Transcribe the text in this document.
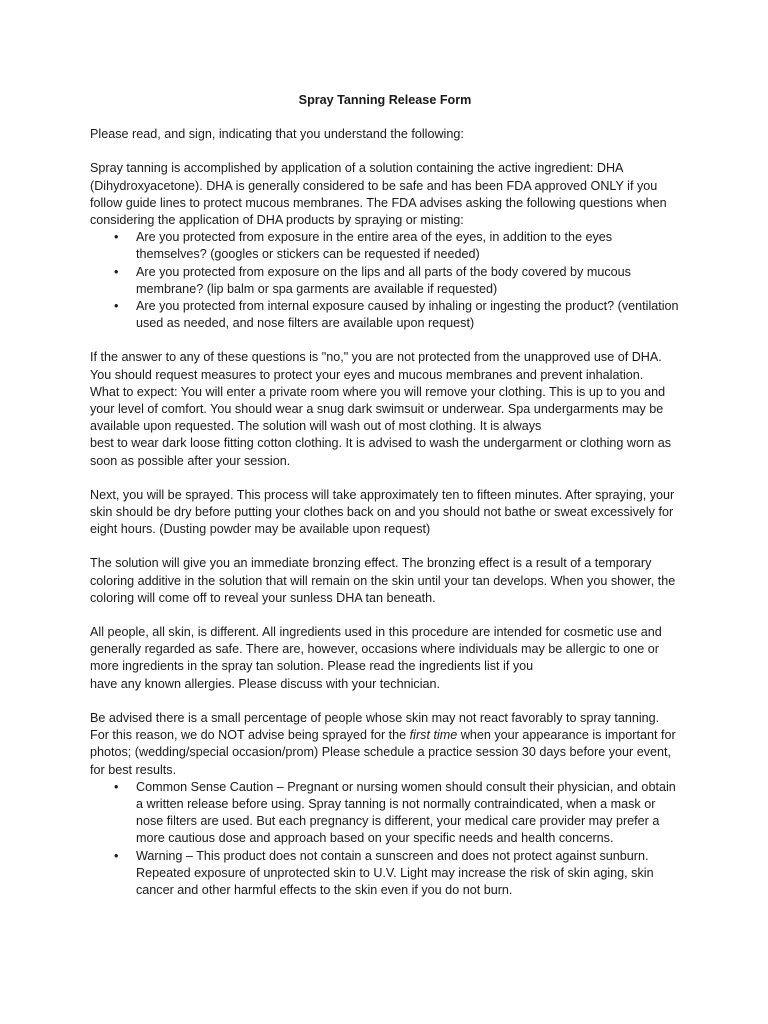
Spray Tanning Release Form

Please read, and sign, indicating that you understand the following:

Spray tanning is accomplished by application of a solution containing the active ingredient: DHA (Dihydroxyacetone). DHA is generally considered to be safe and has been FDA approved ONLY if you follow guide lines to protect mucous membranes. The FDA advises asking the following questions when considering the application of DHA products by spraying or misting:

• Are you protected from exposure in the entire area of the eyes, in addition to the eyes themselves? (googles or stickers can be requested if needed)
• Are you protected from exposure on the lips and all parts of the body covered by mucous membrane? (lip balm or spa garments are available if requested)
• Are you protected from internal exposure caused by inhaling or ingesting the product? (ventilation used as needed, and nose filters are available upon request)

If the answer to any of these questions is "no," you are not protected from the unapproved use of DHA. You should request measures to protect your eyes and mucous membranes and prevent inhalation.

What to expect: You will enter a private room where you will remove your clothing. This is up to you and your level of comfort. You should wear a snug dark swimsuit or underwear. Spa undergarments may be available upon requested. The solution will wash out of most clothing. It is always

best to wear dark loose fitting cotton clothing. It is advised to wash the undergarment or clothing worn as soon as possible after your session.

Next, you will be sprayed. This process will take approximately ten to fifteen minutes. After spraying, your skin should be dry before putting your clothes back on and you should not bathe or sweat excessively for eight hours. (Dusting powder may be available upon request)

The solution will give you an immediate bronzing effect. The bronzing effect is a result of a temporary coloring additive in the solution that will remain on the skin until your tan develops. When you shower, the coloring will come off to reveal your sunless DHA tan beneath.

All people, all skin, is different. All ingredients used in this procedure are intended for cosmetic use and generally regarded as safe. There are, however, occasions where individuals may be allergic to one or more ingredients in the spray tan solution. Please read the ingredients list if you

have any known allergies. Please discuss with your technician.

Be advised there is a small percentage of people whose skin may not react favorably to spray tanning. For this reason, we do NOT advise being sprayed for the first time when your appearance is important for photos; (wedding/special occasion/prom) Please schedule a practice session 30 days before your event, for best results.

• Common Sense Caution – Pregnant or nursing women should consult their physician, and obtain a written release before using. Spray tanning is not normally contraindicated, when a mask or nose filters are used. But each pregnancy is different, your medical care provider may prefer a more cautious dose and approach based on your specific needs and health concerns.
• Warning – This product does not contain a sunscreen and does not protect against sunburn. Repeated exposure of unprotected skin to U.V. Light may increase the risk of skin aging, skin cancer and other harmful effects to the skin even if you do not burn.
